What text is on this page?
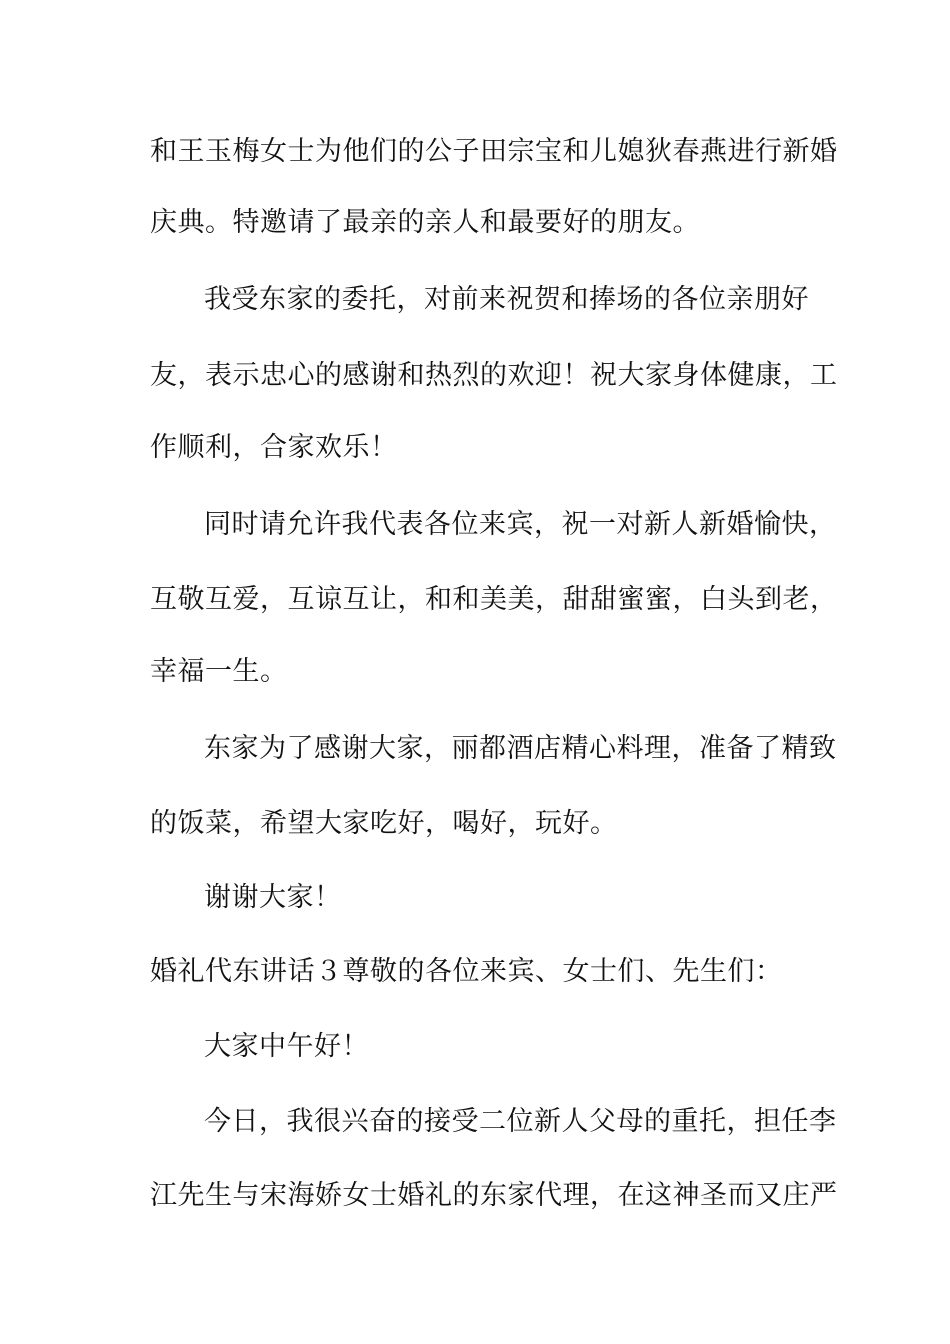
和王玉梅女士为他们的公子田宗宝和儿媳狄春燕进行新婚
庆典。特邀请了最亲的亲人和最要好的朋友。
我受东家的委托，对前来祝贺和捧场的各位亲朋好
友，表示忠心的感谢和热烈的欢迎！祝大家身体健康，工
作顺利，合家欢乐！
同时请允许我代表各位来宾，祝一对新人新婚愉快，
互敬互爱，互谅互让，和和美美，甜甜蜜蜜，白头到老，
幸福一生。
东家为了感谢大家，丽都酒店精心料理，准备了精致
的饭菜，希望大家吃好，喝好，玩好。
谢谢大家！
婚礼代东讲话３尊敬的各位来宾、女士们、先生们：
大家中午好！
今日，我很兴奋的接受二位新人父母的重托，担任李
江先生与宋海娇女士婚礼的东家代理，在这神圣而又庄严
